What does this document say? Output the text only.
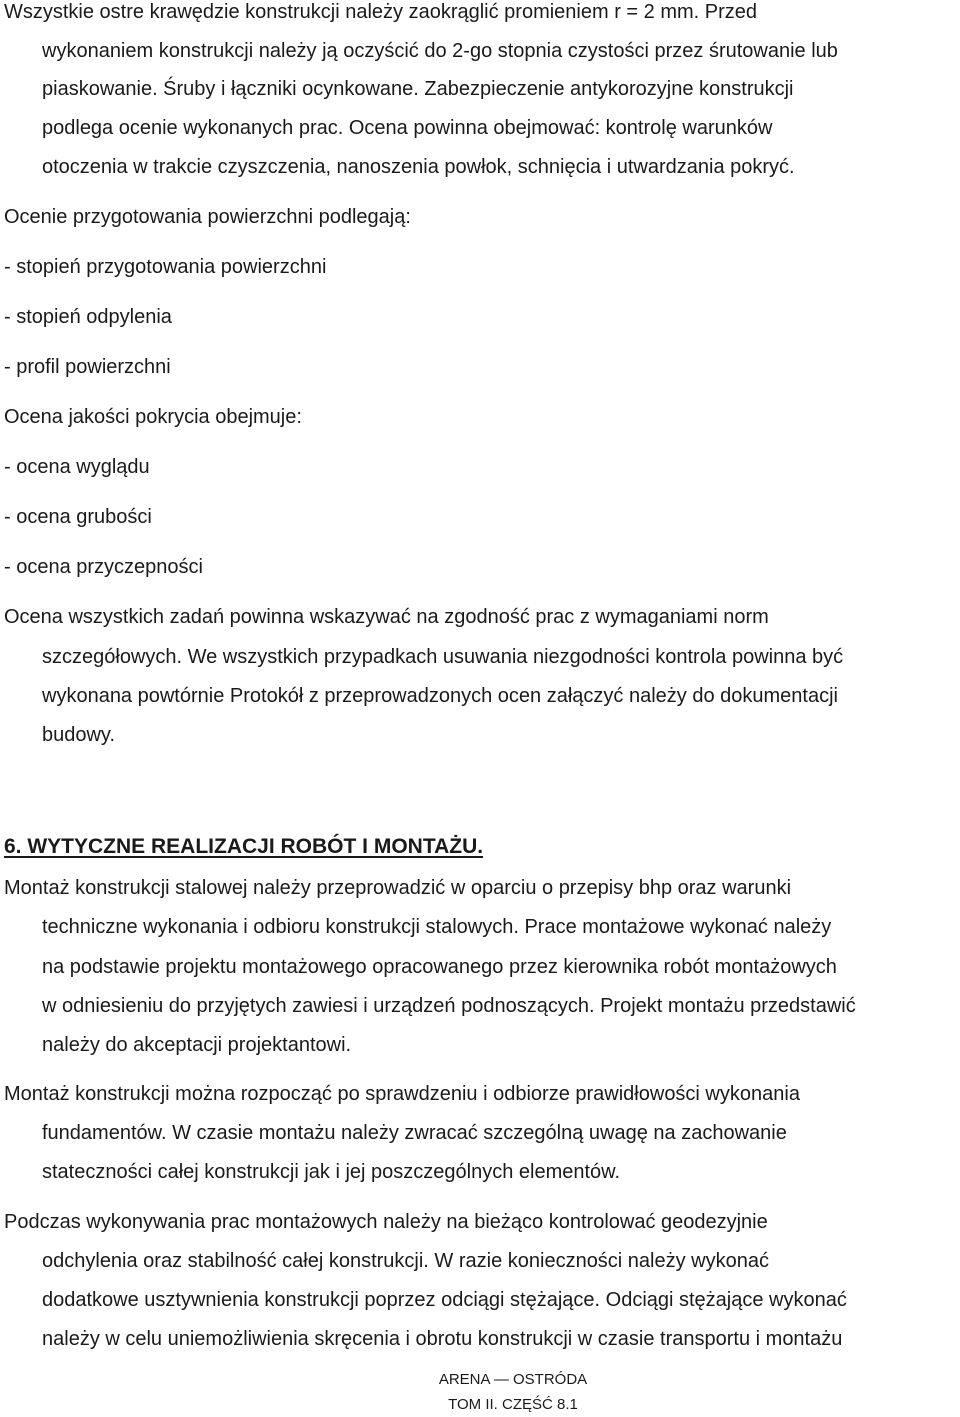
Wszystkie ostre krawędzie konstrukcji należy zaokrąglić promieniem r = 2 mm. Przed
wykonaniem konstrukcji należy ją oczyścić do 2-go stopnia czystości przez śrutowanie lub
piaskowanie. Śruby i łączniki ocynkowane. Zabezpieczenie antykorozyjne konstrukcji
podlega ocenie wykonanych prac. Ocena powinna obejmować: kontrolę warunków
otoczenia w trakcie czyszczenia, nanoszenia powłok, schnięcia i utwardzania pokryć.
Ocenie przygotowania powierzchni podlegają:
- stopień przygotowania powierzchni
- stopień odpylenia
- profil powierzchni
Ocena jakości pokrycia obejmuje:
- ocena wyglądu
- ocena grubości
- ocena przyczepności
Ocena wszystkich zadań powinna wskazywać na zgodność prac z wymaganiami norm
szczegółowych. We wszystkich przypadkach usuwania niezgodności kontrola powinna być
wykonana powtórnie Protokół z przeprowadzonych ocen załączyć należy do dokumentacji
budowy.
6. WYTYCZNE REALIZACJI ROBÓT I MONTAŻU.
Montaż konstrukcji stalowej należy przeprowadzić w oparciu o przepisy bhp oraz warunki
techniczne wykonania i odbioru konstrukcji stalowych. Prace montażowe wykonać należy
na podstawie projektu montażowego opracowanego przez kierownika robót montażowych
w odniesieniu do przyjętych zawiesi i urządzeń podnoszących. Projekt montażu przedstawić
należy do akceptacji projektantowi.
Montaż konstrukcji można rozpocząć po sprawdzeniu i odbiorze prawidłowości wykonania
fundamentów. W czasie montażu należy zwracać szczególną uwagę na zachowanie
stateczności całej konstrukcji jak i jej poszczególnych elementów.
Podczas wykonywania prac montażowych należy na bieżąco kontrolować geodezyjnie
odchylenia oraz stabilność całej konstrukcji. W razie konieczności należy wykonać
dodatkowe usztywnienia konstrukcji poprzez odciągi stężające. Odciągi stężające wykonać
należy w celu uniemożliwienia skręcenia i obrotu konstrukcji w czasie transportu i montażu
ARENA — OSTRÓDA
TOM II. CZĘŚĆ 8.1
